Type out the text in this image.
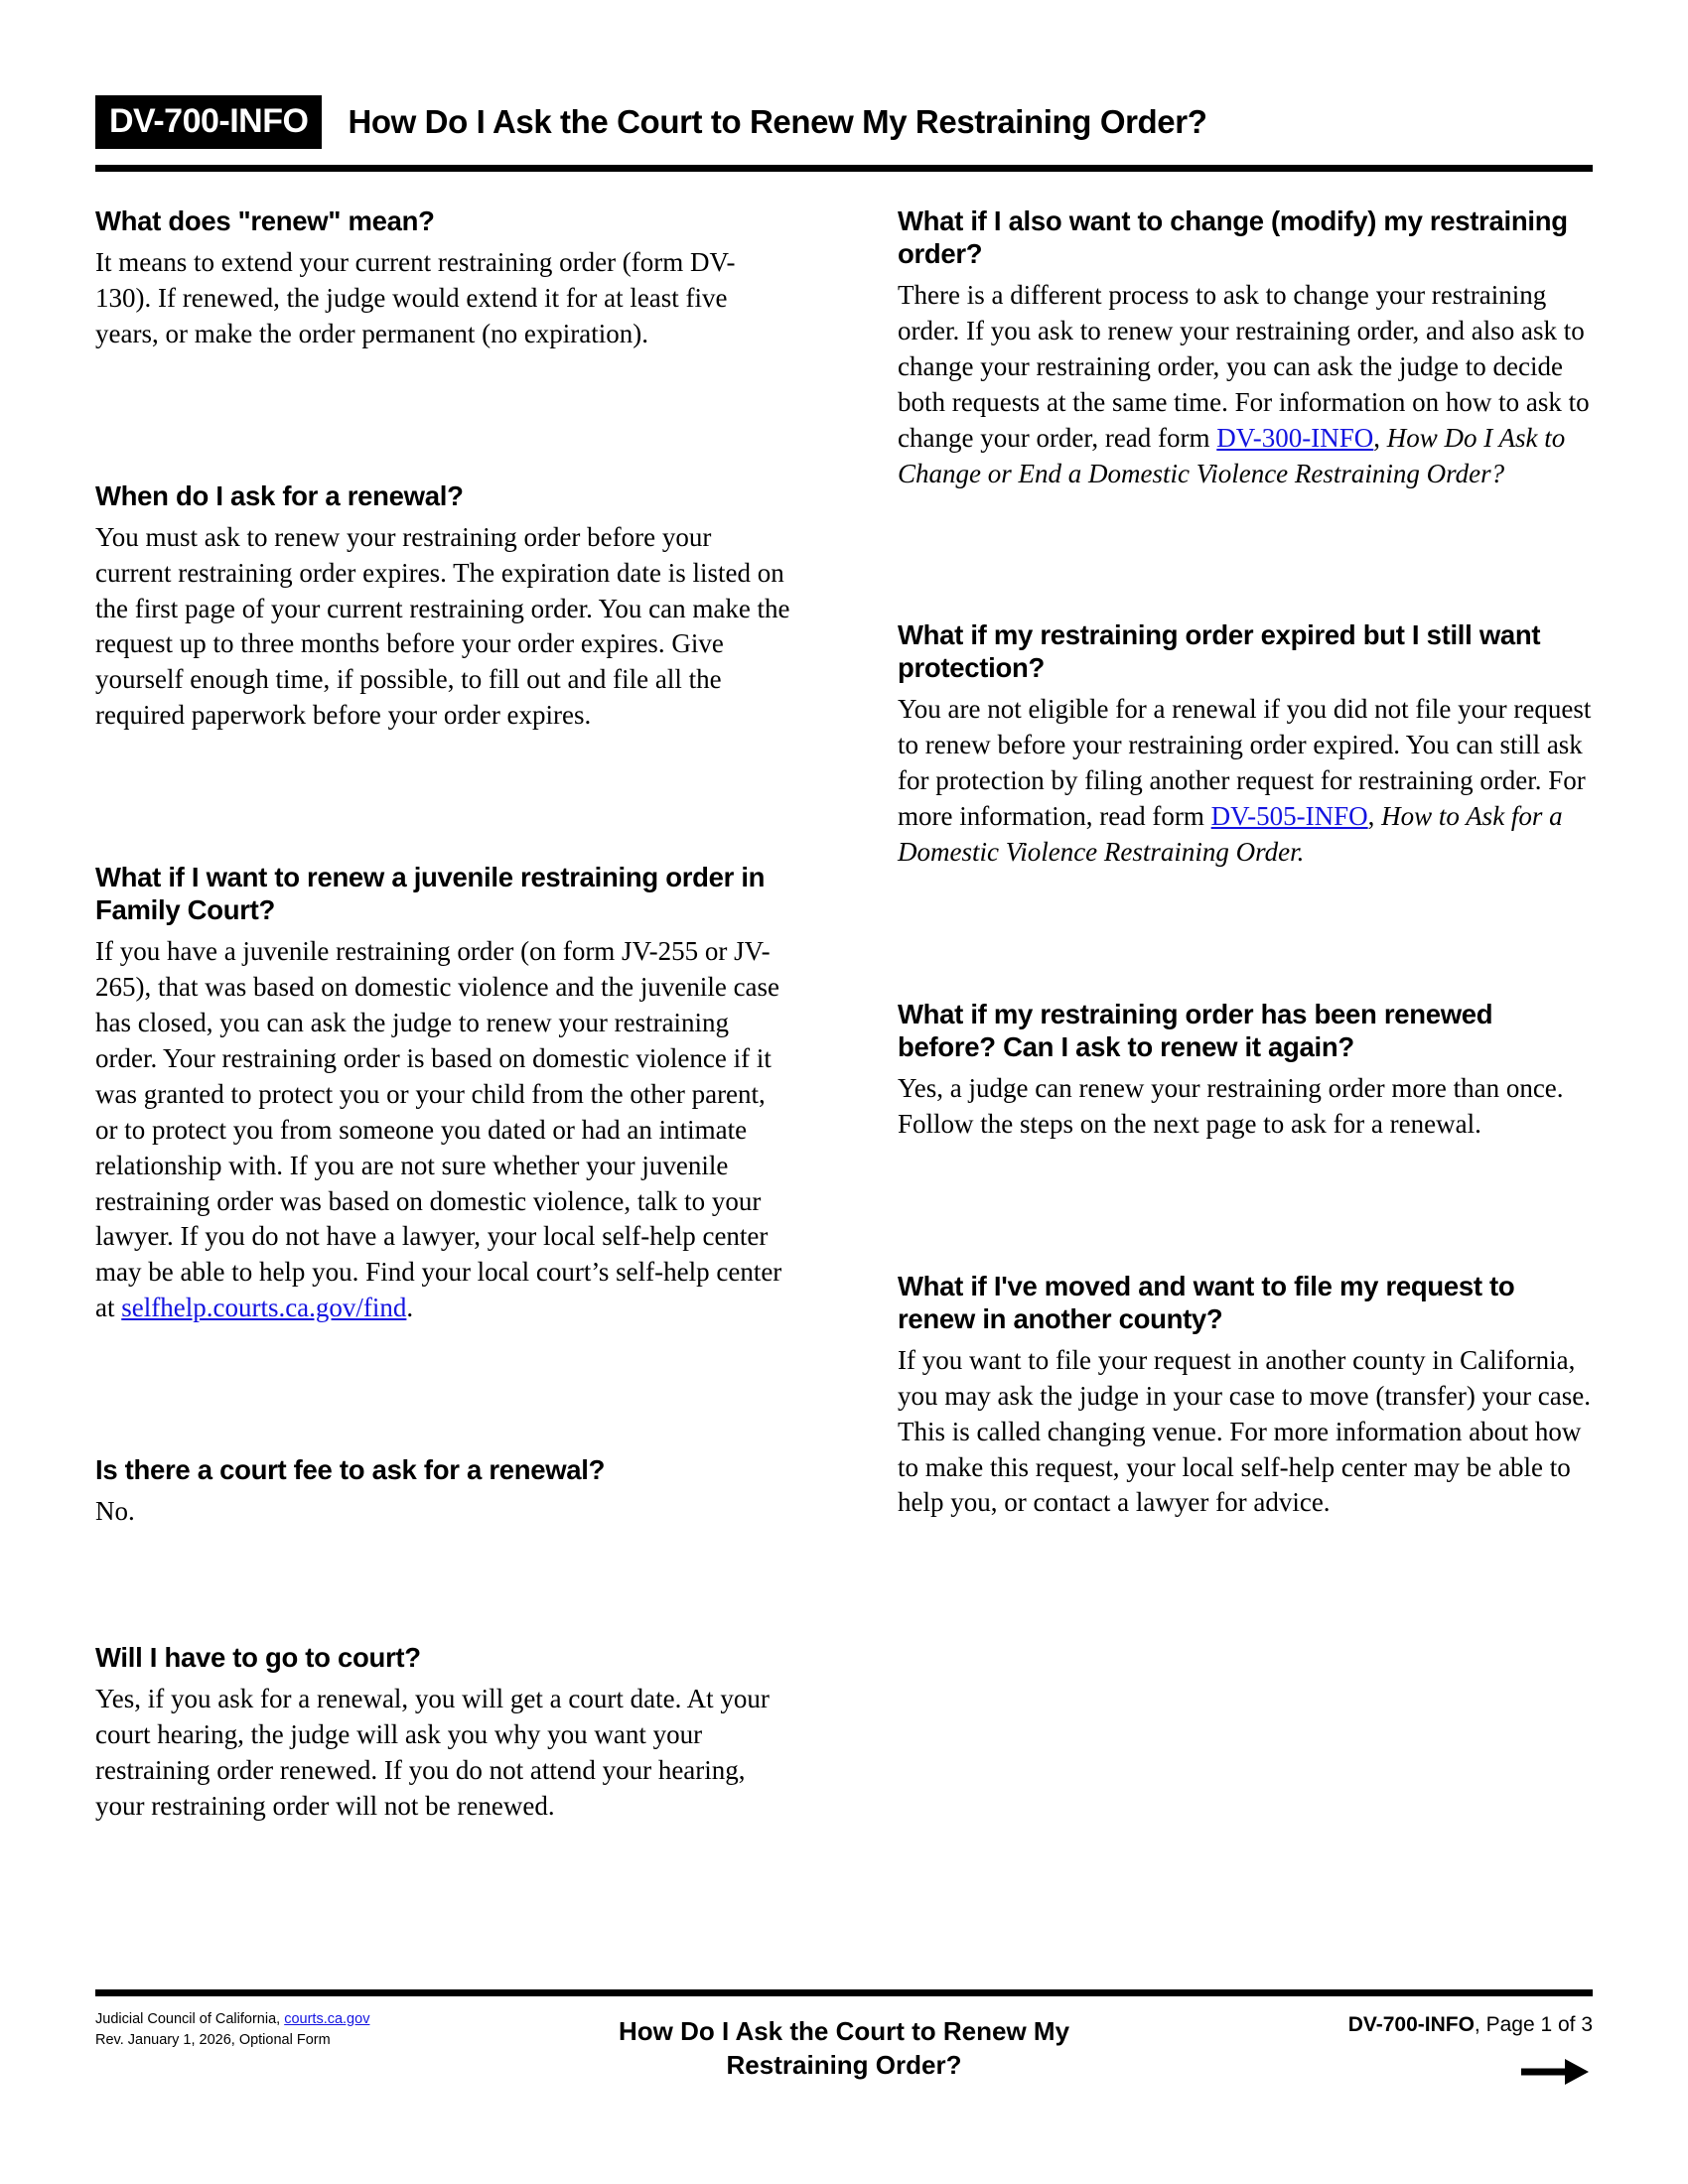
DV-700-INFO	How Do I Ask the Court to Renew My Restraining Order?
What does "renew" mean?

It means to extend your current restraining order (form DV-130). If renewed, the judge would extend it for at least five years, or make the order permanent (no expiration).

When do I ask for a renewal?

You must ask to renew your restraining order before your current restraining order expires. The expiration date is listed on the first page of your current restraining order. You can make the request up to three months before your order expires. Give yourself enough time, if possible, to fill out and file all the required paperwork before your order expires.

What if I want to renew a juvenile restraining order in Family Court?

If you have a juvenile restraining order (on form JV-255 or JV-265), that was based on domestic violence and the juvenile case has closed, you can ask the judge to renew your restraining order. Your restraining order is based on domestic violence if it was granted to protect you or your child from the other parent, or to protect you from someone you dated or had an intimate relationship with. If you are not sure whether your juvenile restraining order was based on domestic violence, talk to your lawyer. If you do not have a lawyer, your local self-help center may be able to help you. Find your local court’s self-help center at selfhelp.courts.ca.gov/find.

Is there a court fee to ask for a renewal?

No.

Will I have to go to court?

Yes, if you ask for a renewal, you will get a court date. At your court hearing, the judge will ask you why you want your restraining order renewed. If you do not attend your hearing, your restraining order will not be renewed.

What if I also want to change (modify) my restraining order?

There is a different process to ask to change your restraining order. If you ask to renew your restraining order, and also ask to change your restraining order, you can ask the judge to decide both requests at the same time. For information on how to ask to change your order, read form DV-300-INFO, How Do I Ask to Change or End a Domestic Violence Restraining Order?

What if my restraining order expired but I still want protection?

You are not eligible for a renewal if you did not file your request to renew before your restraining order expired. You can still ask for protection by filing another request for restraining order. For more information, read form DV-505-INFO, How to Ask for a Domestic Violence Restraining Order.

What if my restraining order has been renewed before? Can I ask to renew it again?

Yes, a judge can renew your restraining order more than once. Follow the steps on the next page to ask for a renewal.

What if I've moved and want to file my request to renew in another county?

If you want to file your request in another county in California, you may ask the judge in your case to move (transfer) your case. This is called changing venue. For more information about how to make this request, your local self-help center may be able to help you, or contact a lawyer for advice.

Judicial Council of California, courts.ca.gov
Rev. January 1, 2026, Optional Form	How Do I Ask the Court to Renew My
Restraining Order?
DV-700-INFO, Page 1 of 3
